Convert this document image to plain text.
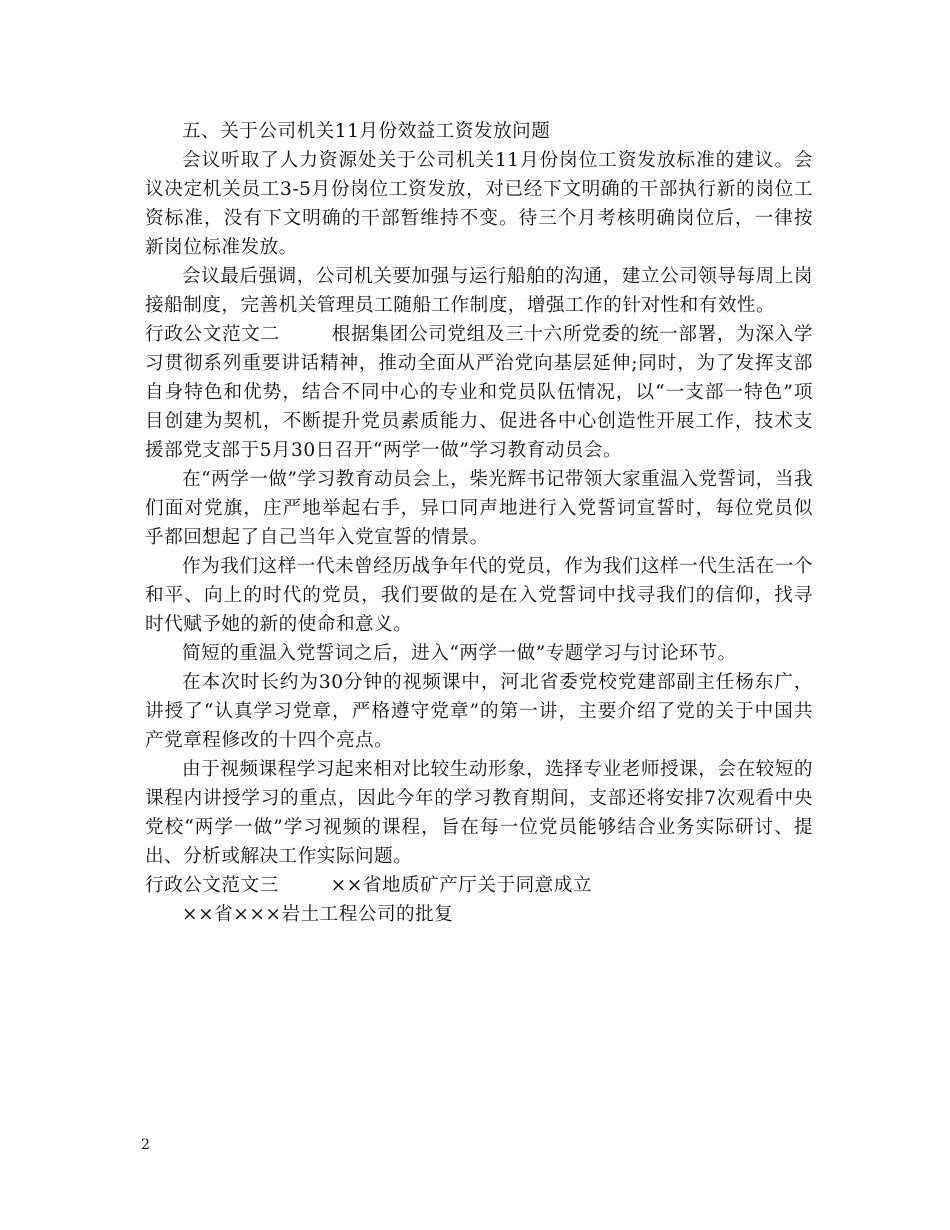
五、关于公司机关11月份效益工资发放问题

会议听取了人力资源处关于公司机关11月份岗位工资发放标准的建议。会议决定机关员工3-5月份岗位工资发放，对已经下文明确的干部执行新的岗位工资标准，没有下文明确的干部暂维持不变。待三个月考核明确岗位后，一律按新岗位标准发放。

会议最后强调，公司机关要加强与运行船舶的沟通，建立公司领导每周上岗接船制度，完善机关管理员工随船工作制度，增强工作的针对性和有效性。

行政公文范文二	根据集团公司党组及三十六所党委的统一部署，为深入学习贯彻系列重要讲话精神，推动全面从严治党向基层延伸;同时，为了发挥支部自身特色和优势，结合不同中心的专业和党员队伍情况，以“一支部一特色”项目创建为契机，不断提升党员素质能力、促进各中心创造性开展工作，技术支援部党支部于5月30日召开“两学一做”学习教育动员会。

在“两学一做”学习教育动员会上，柴光辉书记带领大家重温入党誓词，当我们面对党旗，庄严地举起右手，异口同声地进行入党誓词宣誓时，每位党员似乎都回想起了自己当年入党宣誓的情景。

作为我们这样一代未曾经历战争年代的党员，作为我们这样一代生活在一个和平、向上的时代的党员，我们要做的是在入党誓词中找寻我们的信仰，找寻时代赋予她的新的使命和意义。

简短的重温入党誓词之后，进入“两学一做”专题学习与讨论环节。

在本次时长约为30分钟的视频课中，河北省委党校党建部副主任杨东广，讲授了“认真学习党章，严格遵守党章”的第一讲，主要介绍了党的关于中国共产党章程修改的十四个亮点。

由于视频课程学习起来相对比较生动形象，选择专业老师授课，会在较短的课程内讲授学习的重点，因此今年的学习教育期间，支部还将安排7次观看中央党校“两学一做”学习视频的课程，旨在每一位党员能够结合业务实际研讨、提出、分析或解决工作实际问题。

行政公文范文三	××省地质矿产厅关于同意成立

××省×××岩土工程公司的批复

2
